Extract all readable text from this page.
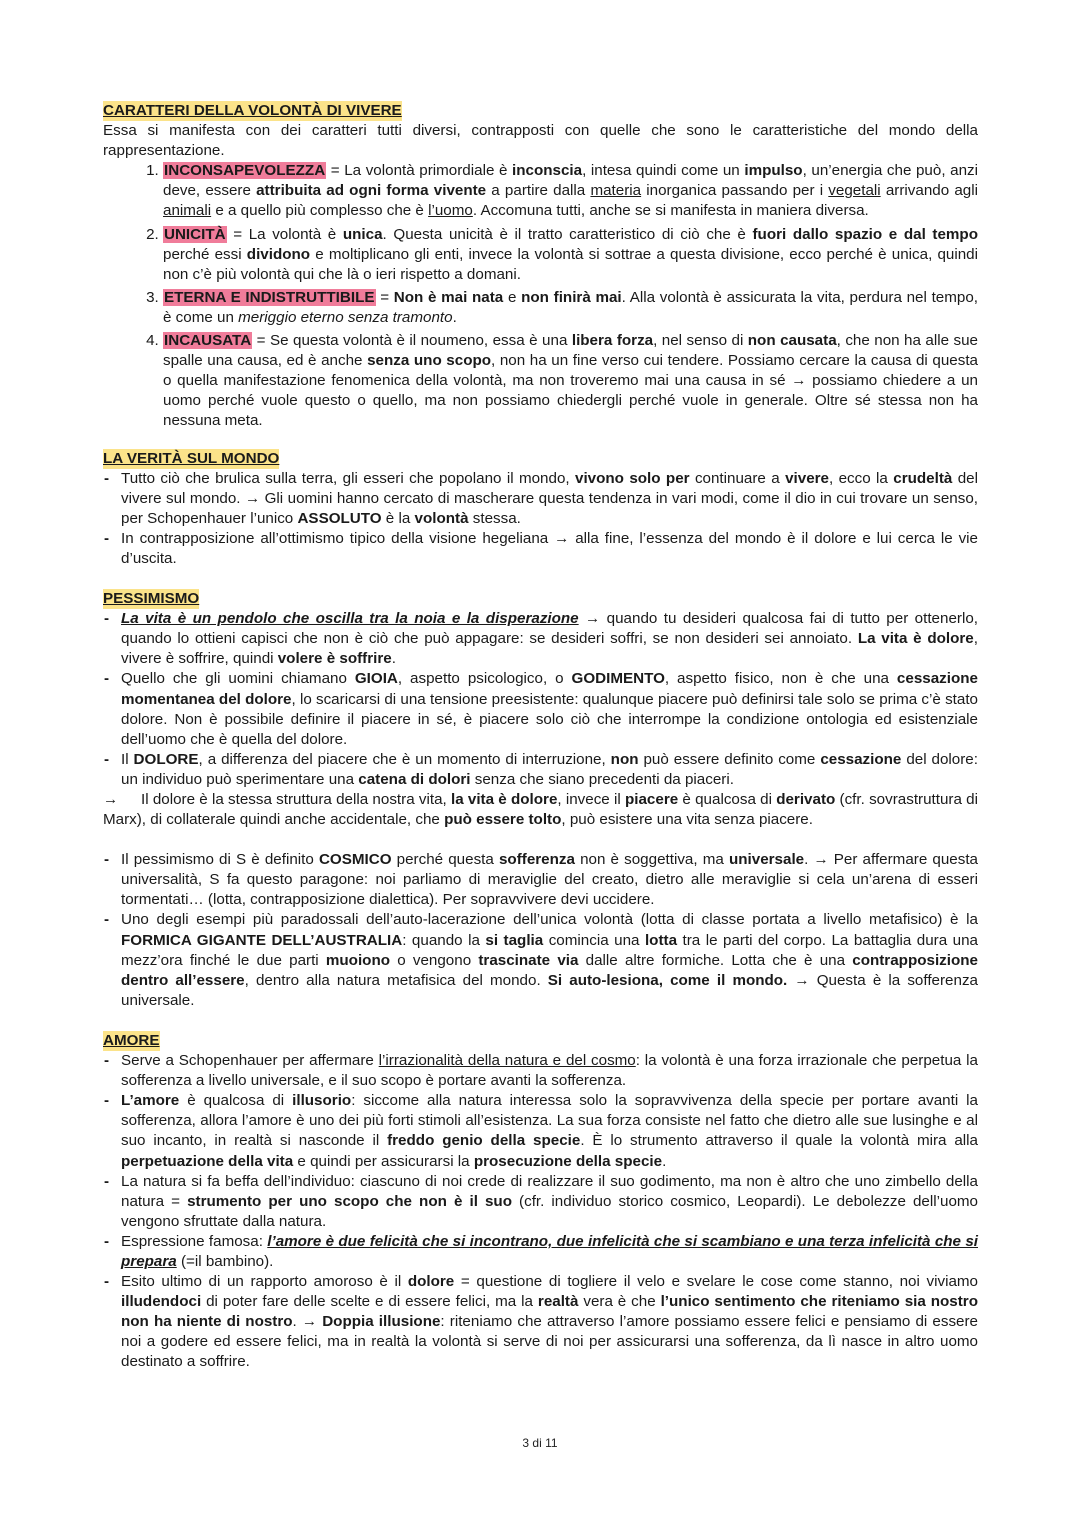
CARATTERI DELLA VOLONTÀ DI VIVERE

Essa si manifesta con dei caratteri tutti diversi, contrapposti con quelle che sono le caratteristiche del mondo della rappresentazione.

1. INCONSAPEVOLEZZA = La volontà primordiale è inconscia, intesa quindi come un impulso, un’energia che può, anzi deve, essere attribuita ad ogni forma vivente a partire dalla materia inorganica passando per i vegetali arrivando agli animali e a quello più complesso che è l’uomo. Accomuna tutti, anche se si manifesta in maniera diversa.
2. UNICITÀ = La volontà è unica. Questa unicità è il tratto caratteristico di ciò che è fuori dallo spazio e dal tempo perché essi dividono e moltiplicano gli enti, invece la volontà si sottrae a questa divisione, ecco perché è unica, quindi non c’è più volontà qui che là o ieri rispetto a domani.
3. ETERNA E INDISTRUTTIBILE = Non è mai nata e non finirà mai. Alla volontà è assicurata la vita, perdura nel tempo, è come un meriggio eterno senza tramonto.
4. INCAUSATA = Se questa volontà è il noumeno, essa è una libera forza, nel senso di non causata, che non ha alle sue spalle una causa, ed è anche senza uno scopo, non ha un fine verso cui tendere. Possiamo cercare la causa di questa o quella manifestazione fenomenica della volontà, ma non troveremo mai una causa in sé → possiamo chiedere a un uomo perché vuole questo o quello, ma non possiamo chiedergli perché vuole in generale. Oltre sé stessa non ha nessuna meta.
LA VERITÀ SUL MONDO
- Tutto ciò che brulica sulla terra, gli esseri che popolano il mondo, vivono solo per continuare a vivere, ecco la crudeltà del vivere sul mondo. → Gli uomini hanno cercato di mascherare questa tendenza in vari modi, come il dio in cui trovare un senso, per Schopenhauer l’unico ASSOLUTO è la volontà stessa.
- In contrapposizione all’ottimismo tipico della visione hegeliana → alla fine, l’essenza del mondo è il dolore e lui cerca le vie d’uscita.
PESSIMISMO
- La vita è un pendolo che oscilla tra la noia e la disperazione → quando tu desideri qualcosa fai di tutto per ottenerlo, quando lo ottieni capisci che non è ciò che può appagare: se desideri soffri, se non desideri sei annoiato. La vita è dolore, vivere è soffrire, quindi volere è soffrire.
- Quello che gli uomini chiamano GIOIA, aspetto psicologico, o GODIMENTO, aspetto fisico, non è che una cessazione momentanea del dolore, lo scaricarsi di una tensione preesistente: qualunque piacere può definirsi tale solo se prima c’è stato dolore. Non è possibile definire il piacere in sé, è piacere solo ciò che interrompe la condizione ontologia ed esistenziale dell’uomo che è quella del dolore.
- Il DOLORE, a differenza del piacere che è un momento di interruzione, non può essere definito come cessazione del dolore: un individuo può sperimentare una catena di dolori senza che siano precedenti da piaceri.

→ Il dolore è la stessa struttura della nostra vita, la vita è dolore, invece il piacere è qualcosa di derivato (cfr. sovrastruttura di Marx), di collaterale quindi anche accidentale, che può essere tolto, può esistere una vita senza piacere.

- Il pessimismo di S è definito COSMICO perché questa sofferenza non è soggettiva, ma universale. → Per affermare questa universalità, S fa questo paragone: noi parliamo di meraviglie del creato, dietro alle meraviglie si cela un’arena di esseri tormentati… (lotta, contrapposizione dialettica). Per sopravvivere devi uccidere.
- Uno degli esempi più paradossali dell’auto-lacerazione dell’unica volontà (lotta di classe portata a livello metafisico) è la FORMICA GIGANTE DELL’AUSTRALIA: quando la si taglia comincia una lotta tra le parti del corpo. La battaglia dura una mezz’ora finché le due parti muoiono o vengono trascinate via dalle altre formiche. Lotta che è una contrapposizione dentro all’essere, dentro alla natura metafisica del mondo. Si auto-lesiona, come il mondo. → Questa è la sofferenza universale.
AMORE
- Serve a Schopenhauer per affermare l’irrazionalità della natura e del cosmo: la volontà è una forza irrazionale che perpetua la sofferenza a livello universale, e il suo scopo è portare avanti la sofferenza.
- L’amore è qualcosa di illusorio: siccome alla natura interessa solo la sopravvivenza della specie per portare avanti la sofferenza, allora l’amore è uno dei più forti stimoli all’esistenza. La sua forza consiste nel fatto che dietro alle sue lusinghe e al suo incanto, in realtà si nasconde il freddo genio della specie. È lo strumento attraverso il quale la volontà mira alla perpetuazione della vita e quindi per assicurarsi la prosecuzione della specie.
- La natura si fa beffa dell’individuo: ciascuno di noi crede di realizzare il suo godimento, ma non è altro che uno zimbello della natura = strumento per uno scopo che non è il suo (cfr. individuo storico cosmico, Leopardi). Le debolezze dell’uomo vengono sfruttate dalla natura.
- Espressione famosa: l’amore è due felicità che si incontrano, due infelicità che si scambiano e una terza infelicità che si prepara (=il bambino).
- Esito ultimo di un rapporto amoroso è il dolore = questione di togliere il velo e svelare le cose come stanno, noi viviamo illudendoci di poter fare delle scelte e di essere felici, ma la realtà vera è che l’unico sentimento che riteniamo sia nostro non ha niente di nostro. → Doppia illusione: riteniamo che attraverso l’amore possiamo essere felici e pensiamo di essere noi a godere ed essere felici, ma in realtà la volontà si serve di noi per assicurarsi una sofferenza, da lì nasce in altro uomo destinato a soffrire.
3 di 11
